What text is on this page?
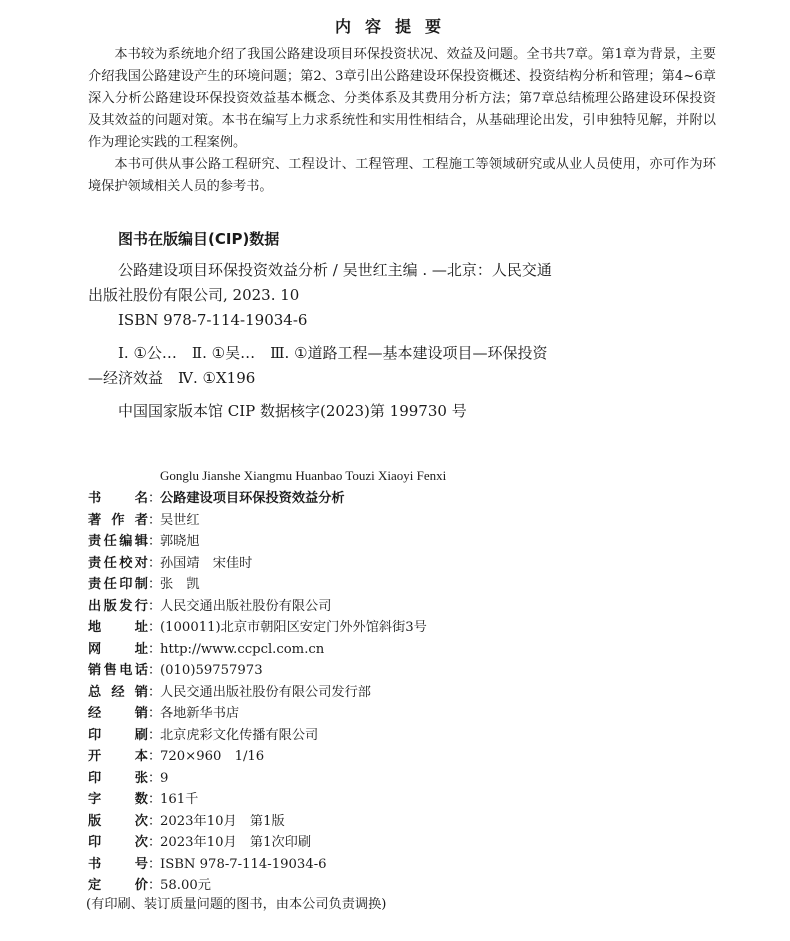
内容提要

本书较为系统地介绍了我国公路建设项目环保投资状况、效益及问题。全书共7章。第1章为背景，主要介绍我国公路建设产生的环境问题；第2、3章引出公路建设环保投资概述、投资结构分析和管理；第4~6章深入分析公路建设环保投资效益基本概念、分类体系及其费用分析方法；第7章总结梳理公路建设环保投资及其效益的问题对策。本书在编写上力求系统性和实用性相结合，从基础理论出发，引申独特见解，并附以作为理论实践的工程案例。

本书可供从事公路工程研究、工程设计、工程管理、工程施工等领域研究或从业人员使用，亦可作为环境保护领域相关人员的参考书。

图书在版编目(CIP)数据

公路建设项目环保投资效益分析 / 吴世红主编 . —北京：人民交通出版社股份有限公司, 2023. 10

ISBN 978-7-114-19034-6

Ⅰ. ①公…　Ⅱ. ①吴…　Ⅲ. ①道路工程—基本建设项目—环保投资—经济效益　Ⅳ. ①X196

中国国家版本馆 CIP 数据核字(2023)第 199730 号

Gonglu Jianshe Xiangmu Huanbao Touzi Xiaoyi Fenxi
书名 ：
公路建设项目环保投资效益分析
著作者 ：
吴世红
责任编辑 ：
郭晓旭
责任校对 ：
孙国靖　宋佳时
责任印制 ：
张　凯
出版发行 ：
人民交通出版社股份有限公司
地址 ：
(100011)北京市朝阳区安定门外外馆斜街3号
网址 ：
http://www.ccpcl.com.cn
销售电话 ：
(010)59757973
总经销 ：
人民交通出版社股份有限公司发行部
经销 ：
各地新华书店
印刷 ：
北京虎彩文化传播有限公司
开本 ：
720×960　1/16
印张 ：
9
字数 ：
161千
版次 ：
2023年10月　第1版
印次 ：
2023年10月　第1次印刷
书号 ：
ISBN 978-7-114-19034-6
定价 ：
58.00元
(有印刷、装订质量问题的图书，由本公司负责调换)
